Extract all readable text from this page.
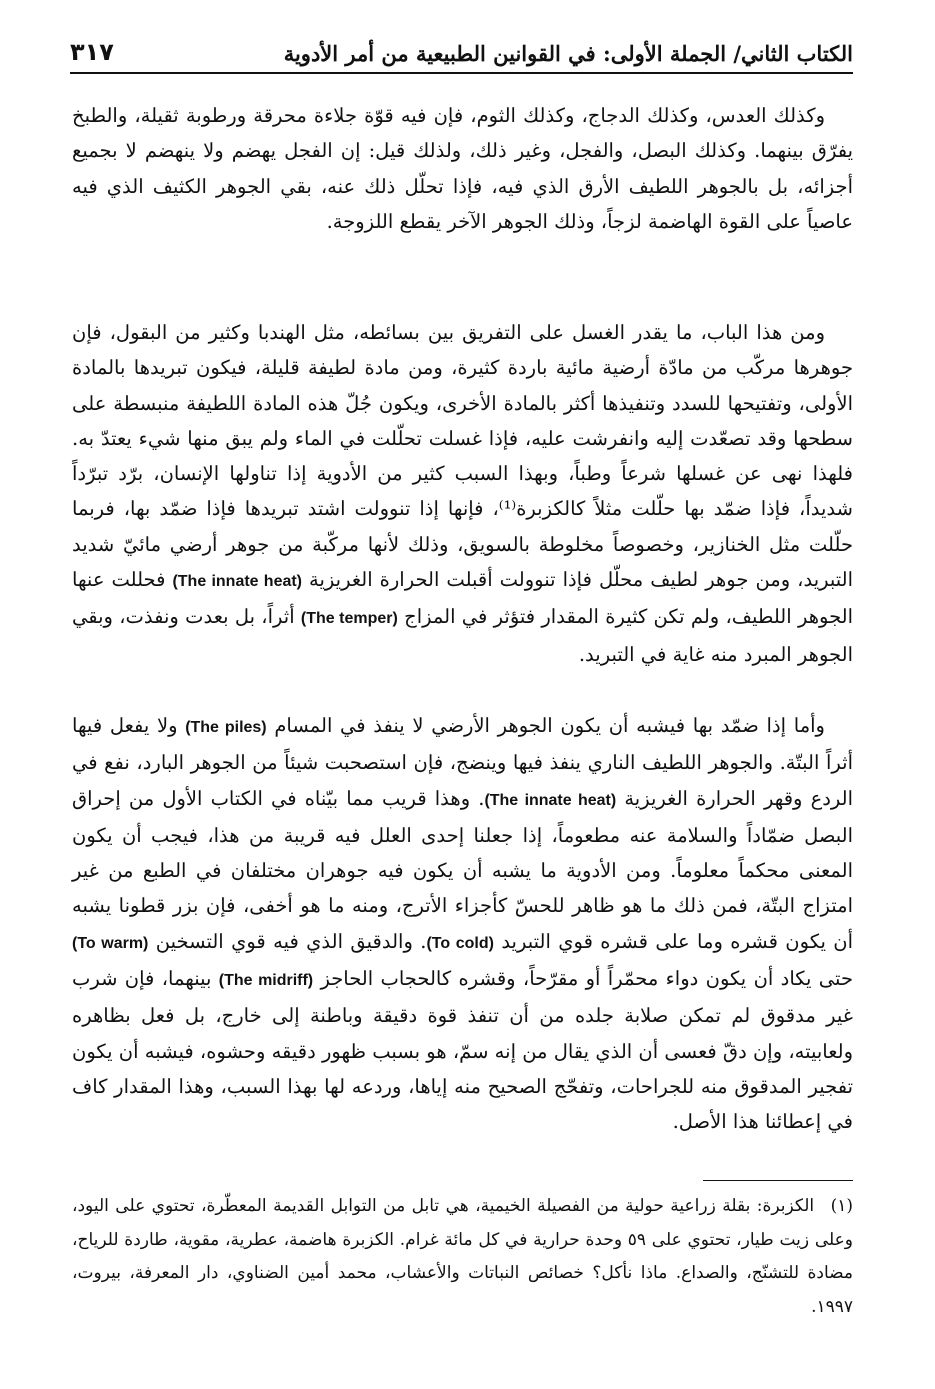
الكتاب الثاني/ الجملة الأولى: في القوانين الطبيعية من أمر الأدوية
٣١٧

وكذلك العدس، وكذلك الدجاج، وكذلك الثوم، فإن فيه قوّة جلاءة محرقة ورطوبة ثقيلة، والطبخ يفرّق بينهما. وكذلك البصل، والفجل، وغير ذلك، ولذلك قيل: إن الفجل يهضم ولا ينهضم لا بجميع أجزائه، بل بالجوهر اللطيف الأرق الذي فيه، فإذا تحلّل ذلك عنه، بقي الجوهر الكثيف الذي فيه عاصياً على القوة الهاضمة لزجاً، وذلك الجوهر الآخر يقطع اللزوجة.

ومن هذا الباب، ما يقدر الغسل على التفريق بين بسائطه، مثل الهندبا وكثير من البقول، فإن جوهرها مركّب من مادّة أرضية مائية باردة كثيرة، ومن مادة لطيفة قليلة، فيكون تبريدها بالمادة الأولى، وتفتيحها للسدد وتنفيذها أكثر بالمادة الأخرى، ويكون جُلّ هذه المادة اللطيفة منبسطة على سطحها وقد تصعّدت إليه وانفرشت عليه، فإذا غسلت تحلّلت في الماء ولم يبق منها شيء يعتدّ به. فلهذا نهى عن غسلها شرعاً وطباً، وبهذا السبب كثير من الأدوية إذا تناولها الإنسان، برّد تبرّداً شديداً، فإذا ضمّد بها حلّلت مثلاً كالكزبرة⁽¹⁾، فإنها إذا تنوولت اشتد تبريدها فإذا ضمّد بها، فربما حلّلت مثل الخنازير، وخصوصاً مخلوطة بالسويق، وذلك لأنها مركّبة من جوهر أرضي مائيّ شديد التبريد، ومن جوهر لطيف محلّل فإذا تنوولت أقبلت الحرارة الغريزية (The innate heat) فحللت عنها الجوهر اللطيف، ولم تكن كثيرة المقدار فتؤثر في المزاج (The temper) أثراً، بل بعدت ونفذت، وبقي الجوهر المبرد منه غاية في التبريد.

وأما إذا ضمّد بها فيشبه أن يكون الجوهر الأرضي لا ينفذ في المسام (The piles) ولا يفعل فيها أثراً البتّة. والجوهر اللطيف الناري ينفذ فيها وينضج، فإن استصحبت شيئاً من الجوهر البارد، نفع في الردع وقهر الحرارة الغريزية (The innate heat). وهذا قريب مما بيّناه في الكتاب الأول من إحراق البصل ضمّاداً والسلامة عنه مطعوماً، إذا جعلنا إحدى العلل فيه قريبة من هذا، فيجب أن يكون المعنى محكماً معلوماً. ومن الأدوية ما يشبه أن يكون فيه جوهران مختلفان في الطبع من غير امتزاج البتّة، فمن ذلك ما هو ظاهر للحسّ كأجزاء الأترج، ومنه ما هو أخفى، فإن بزر قطونا يشبه أن يكون قشره وما على قشره قوي التبريد (To cold). والدقيق الذي فيه قوي التسخين (To warm) حتى يكاد أن يكون دواء محمّراً أو مقرّحاً، وقشره كالحجاب الحاجز (The midriff) بينهما، فإن شرب غير مدقوق لم تمكن صلابة جلده من أن تنفذ قوة دقيقة وباطنة إلى خارج، بل فعل بظاهره ولعابيته، وإن دقّ فعسى أن الذي يقال من إنه سمّ، هو بسبب ظهور دقيقه وحشوه، فيشبه أن يكون تفجير المدقوق منه للجراحات، وتفحّج الصحيح منه إياها، وردعه لها بهذا السبب، وهذا المقدار كاف في إعطائنا هذا الأصل.

(١) الكزبرة: بقلة زراعية حولية من الفصيلة الخيمية، هي تابل من التوابل القديمة المعطّرة، تحتوي على اليود، وعلى زيت طيار، تحتوي على ٥٩ وحدة حرارية في كل مائة غرام. الكزبرة هاضمة، عطرية، مقوية، طاردة للرياح، مضادة للتشنّج، والصداع. ماذا نأكل؟ خصائص النباتات والأعشاب، محمد أمين الضناوي، دار المعرفة، بيروت، ١٩٩٧.
